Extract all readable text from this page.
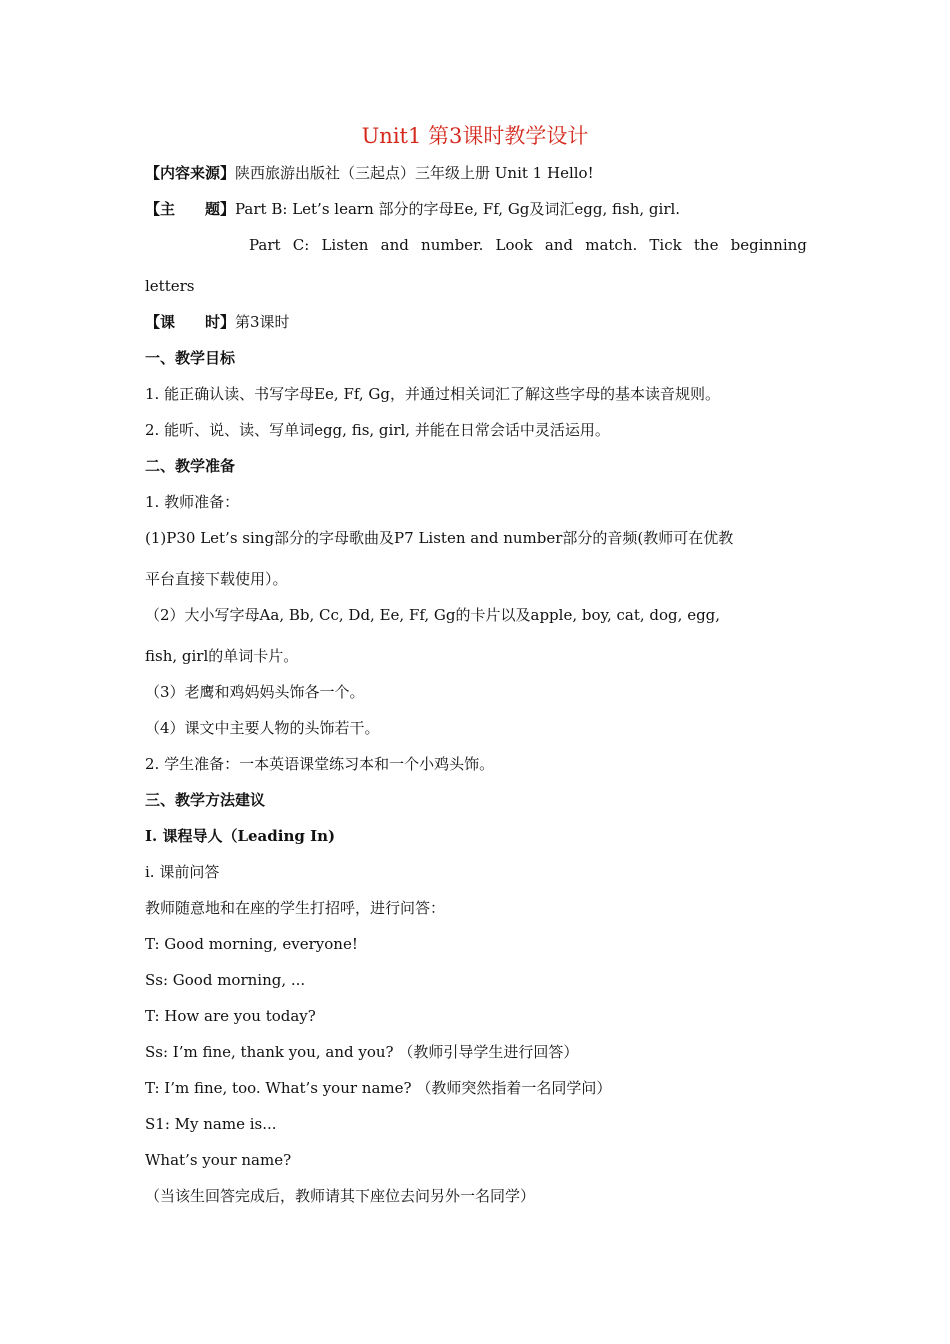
Unit1 第3课时教学设计
【内容来源】陕西旅游出版社（三起点）三年级上册 Unit 1 Hello!
【主　　题】Part B: Let’s learn 部分的字母Ee, Ff, Gg及词汇egg, fish, girl.
Part C: Listen and number. Look and match. Tick the beginning
letters
【课　　时】第3课时
一、教学目标
1. 能正确认读、书写字母Ee, Ff, Gg，并通过相关词汇了解这些字母的基本读音规则。
2. 能听、说、读、写单词egg, fis, girl, 并能在日常会话中灵活运用。
二、教学准备
1. 教师准备：
(1)P30 Let’s sing部分的字母歌曲及P7 Listen and number部分的音频(教师可在优教
平台直接下载使用）。
（2）大小写字母Aa, Bb, Cc, Dd, Ee, Ff, Gg的卡片以及apple, boy, cat, dog, egg,
fish, girl的单词卡片。
（3）老鹰和鸡妈妈头饰各一个。
（4）课文中主要人物的头饰若干。
2. 学生准备：一本英语课堂练习本和一个小鸡头饰。
三、教学方法建议
I. 课程导人（Leading In)
i. 课前问答
教师随意地和在座的学生打招呼，进行问答：
T: Good morning, everyone!
Ss: Good morning, ...
T: How are you today?
Ss: I’m fine, thank you, and you? （教师引导学生进行回答）
T: I’m fine, too. What’s your name? （教师突然指着一名同学问）
S1: My name is...
What’s your name?
（当该生回答完成后，教师请其下座位去问另外一名同学）
